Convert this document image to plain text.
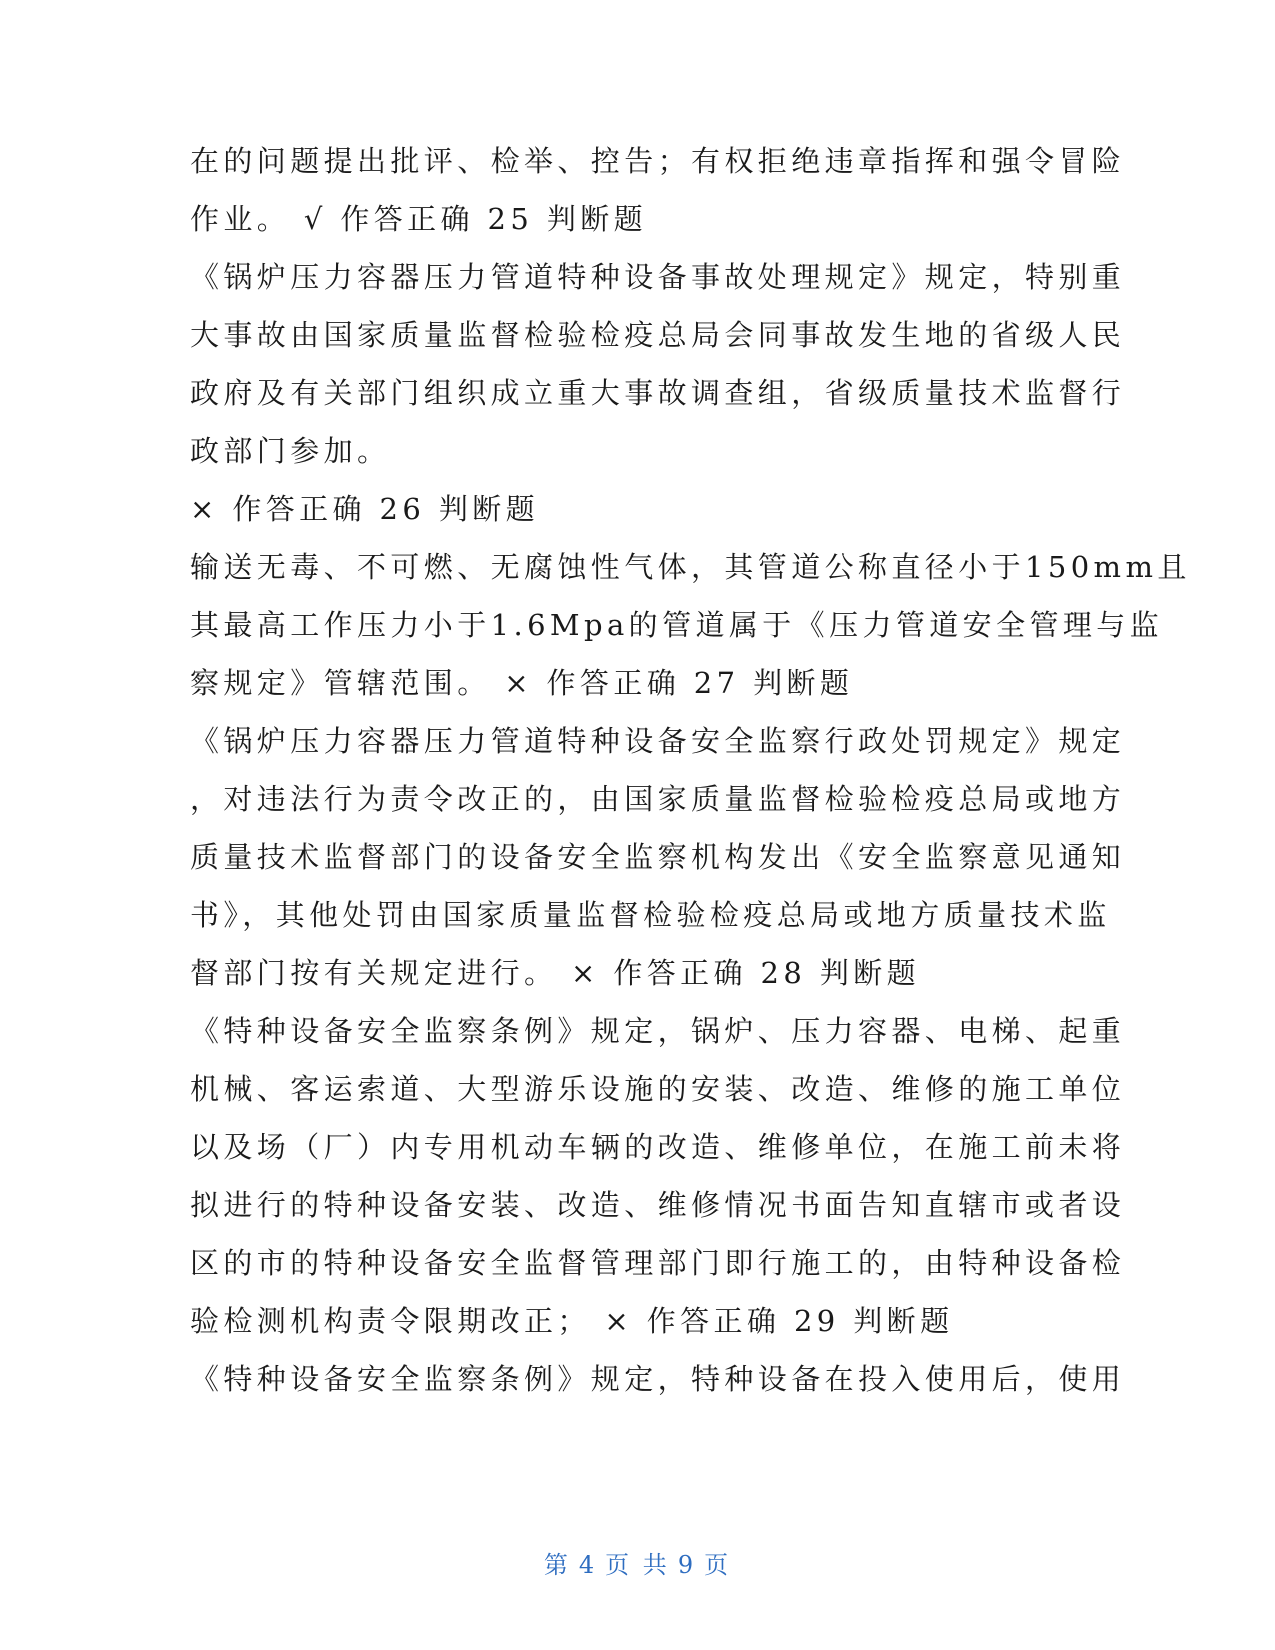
在的问题提出批评、检举、控告；有权拒绝违章指挥和强令冒险
作业。 √ 作答正确 25 判断题
《锅炉压力容器压力管道特种设备事故处理规定》规定，特别重
大事故由国家质量监督检验检疫总局会同事故发生地的省级人民
政府及有关部门组织成立重大事故调查组，省级质量技术监督行
政部门参加。
× 作答正确 26 判断题
输送无毒、不可燃、无腐蚀性气体，其管道公称直径小于150mm且
其最高工作压力小于1.6Mpa的管道属于《压力管道安全管理与监
察规定》管辖范围。 × 作答正确 27 判断题
《锅炉压力容器压力管道特种设备安全监察行政处罚规定》规定
，对违法行为责令改正的，由国家质量监督检验检疫总局或地方
质量技术监督部门的设备安全监察机构发出《安全监察意见通知
书》，其他处罚由国家质量监督检验检疫总局或地方质量技术监
督部门按有关规定进行。 × 作答正确 28 判断题
《特种设备安全监察条例》规定，锅炉、压力容器、电梯、起重
机械、客运索道、大型游乐设施的安装、改造、维修的施工单位
以及场（厂）内专用机动车辆的改造、维修单位，在施工前未将
拟进行的特种设备安装、改造、维修情况书面告知直辖市或者设
区的市的特种设备安全监督管理部门即行施工的，由特种设备检
验检测机构责令限期改正； × 作答正确 29 判断题
《特种设备安全监察条例》规定，特种设备在投入使用后，使用
第 4 页 共 9 页
